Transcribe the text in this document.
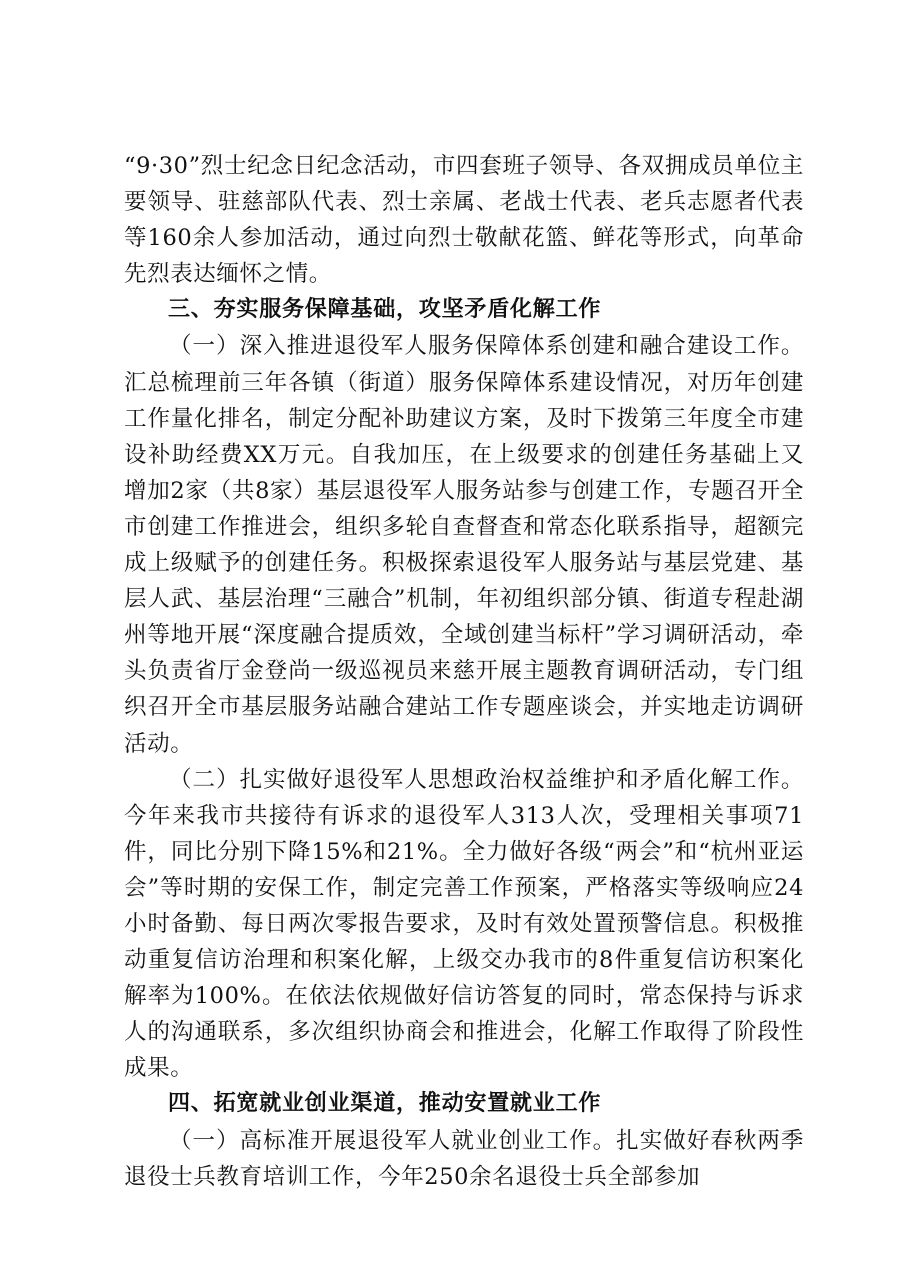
“9·30”烈士纪念日纪念活动，市四套班子领导、各双拥成员单位主要领导、驻慈部队代表、烈士亲属、老战士代表、老兵志愿者代表等160余人参加活动，通过向烈士敬献花篮、鲜花等形式，向革命先烈表达缅怀之情。

三、夯实服务保障基础，攻坚矛盾化解工作

（一）深入推进退役军人服务保障体系创建和融合建设工作。汇总梳理前三年各镇（街道）服务保障体系建设情况，对历年创建工作量化排名，制定分配补助建议方案，及时下拨第三年度全市建设补助经费XX万元。自我加压，在上级要求的创建任务基础上又增加2家（共8家）基层退役军人服务站参与创建工作，专题召开全市创建工作推进会，组织多轮自查督查和常态化联系指导，超额完成上级赋予的创建任务。积极探索退役军人服务站与基层党建、基层人武、基层治理“三融合”机制，年初组织部分镇、街道专程赴湖州等地开展“深度融合提质效，全域创建当标杆”学习调研活动，牵头负责省厅金登尚一级巡视员来慈开展主题教育调研活动，专门组织召开全市基层服务站融合建站工作专题座谈会，并实地走访调研活动。

（二）扎实做好退役军人思想政治权益维护和矛盾化解工作。今年来我市共接待有诉求的退役军人313人次，受理相关事项71件，同比分别下降15%和21%。全力做好各级“两会”和“杭州亚运会”等时期的安保工作，制定完善工作预案，严格落实等级响应24小时备勤、每日两次零报告要求，及时有效处置预警信息。积极推动重复信访治理和积案化解，上级交办我市的8件重复信访积案化解率为100%。在依法依规做好信访答复的同时，常态保持与诉求人的沟通联系，多次组织协商会和推进会，化解工作取得了阶段性成果。

四、拓宽就业创业渠道，推动安置就业工作

（一）高标准开展退役军人就业创业工作。扎实做好春秋两季退役士兵教育培训工作，今年250余名退役士兵全部参加
